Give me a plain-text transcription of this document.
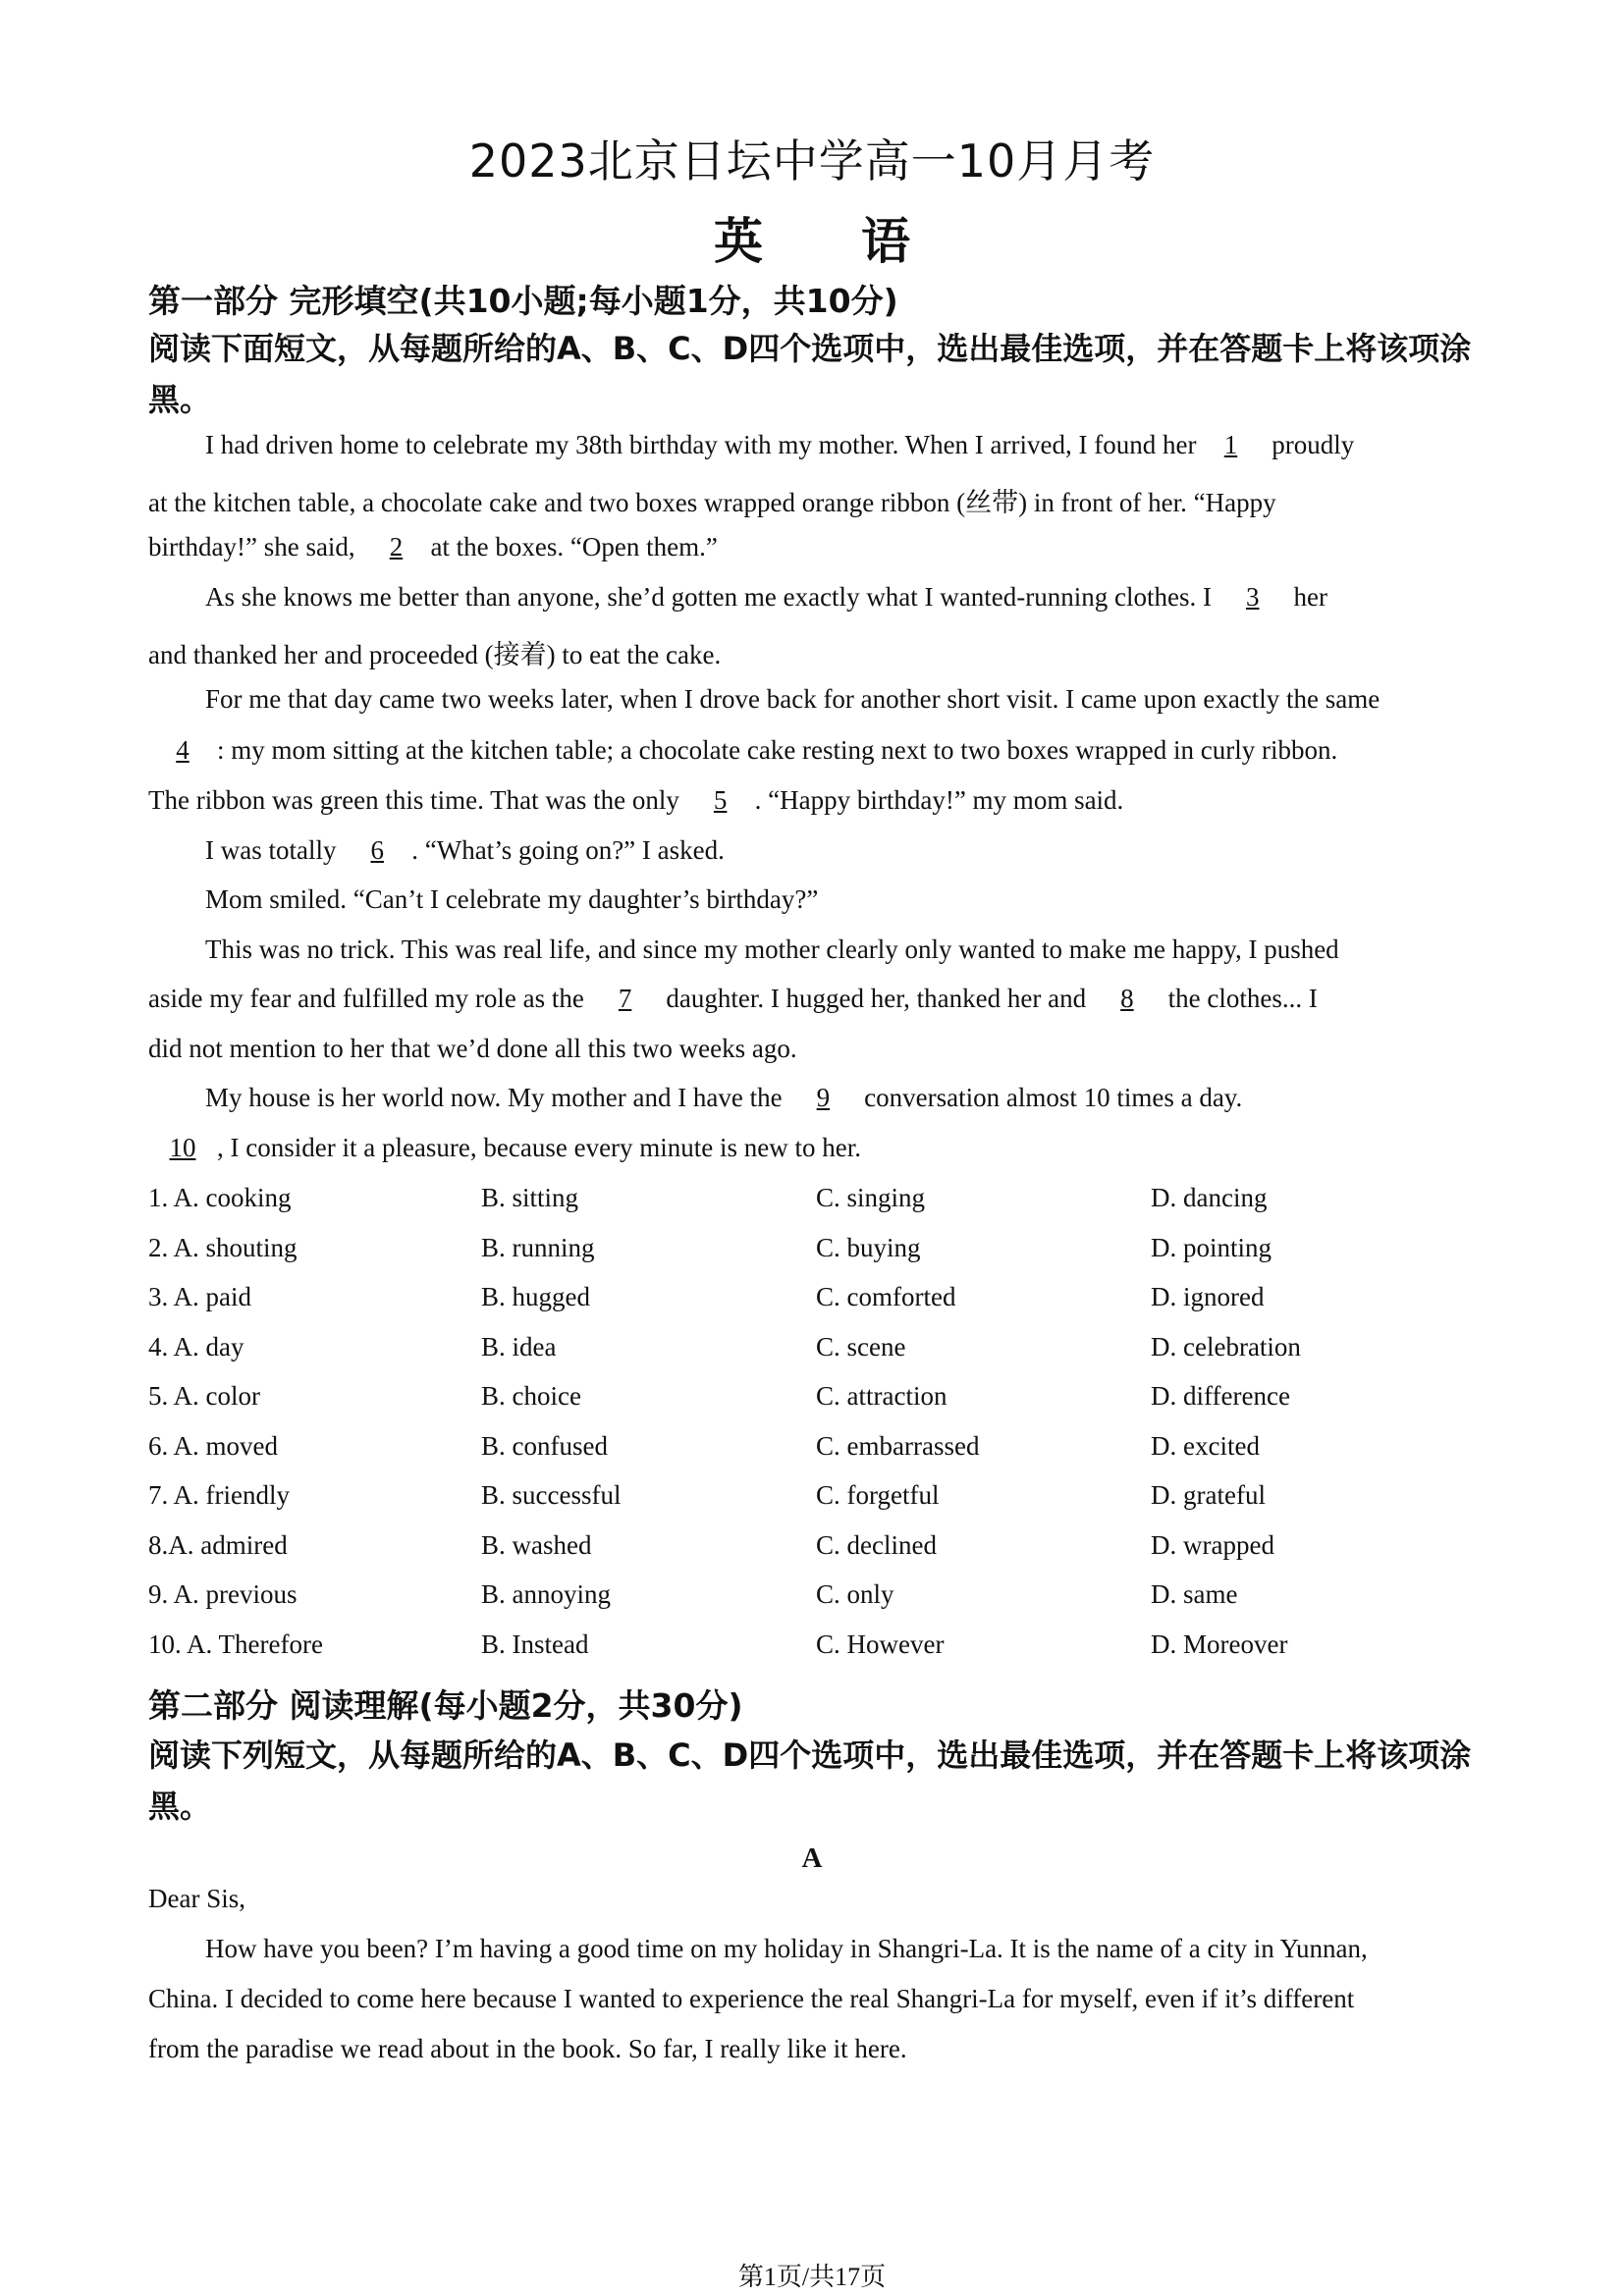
2023北京日坛中学高一10月月考
英　　语
第一部分 完形填空(共10小题;每小题1分，共10分)
阅读下面短文，从每题所给的A、B、C、D四个选项中，选出最佳选项，并在答题卡上将该项涂黑。
I had driven home to celebrate my 38th birthday with my mother. When I arrived, I found her 1 proudly
at the kitchen table, a chocolate cake and two boxes wrapped orange ribbon (丝带) in front of her. “Happy
birthday!” she said, 2 at the boxes. “Open them.”
As she knows me better than anyone, she’d gotten me exactly what I wanted-running clothes. I 3 her
and thanked her and proceeded (接着) to eat the cake.
For me that day came two weeks later, when I drove back for another short visit. I came upon exactly the same
4 : my mom sitting at the kitchen table; a chocolate cake resting next to two boxes wrapped in curly ribbon.
The ribbon was green this time. That was the only 5 . “Happy birthday!” my mom said.
I was totally 6 . “What’s going on?” I asked.
Mom smiled. “Can’t I celebrate my daughter’s birthday?”
This was no trick. This was real life, and since my mother clearly only wanted to make me happy, I pushed
aside my fear and fulfilled my role as the 7 daughter. I hugged her, thanked her and 8 the clothes... I
did not mention to her that we’d done all this two weeks ago.
My house is her world now. My mother and I have the 9 conversation almost 10 times a day.
10 , I consider it a pleasure, because every minute is new to her.
1. A. cooking	B. sitting	C. singing	D. dancing
2. A. shouting	B. running	C. buying	D. pointing
3. A. paid	B. hugged	C. comforted	D. ignored
4. A. day	B. idea	C. scene	D. celebration
5. A. color	B. choice	C. attraction	D. difference
6. A. moved	B. confused	C. embarrassed	D. excited
7. A. friendly	B. successful	C. forgetful	D. grateful
8.A. admired	B. washed	C. declined	D. wrapped
9. A. previous	B. annoying	C. only	D. same
10. A. Therefore	B. Instead	C. However	D. Moreover
第二部分 阅读理解(每小题2分，共30分)
阅读下列短文，从每题所给的A、B、C、D四个选项中，选出最佳选项，并在答题卡上将该项涂黑。
A
Dear Sis,
How have you been? I’m having a good time on my holiday in Shangri-La. It is the name of a city in Yunnan,
China. I decided to come here because I wanted to experience the real Shangri-La for myself, even if it’s different
from the paradise we read about in the book. So far, I really like it here.
第1页/共17页
